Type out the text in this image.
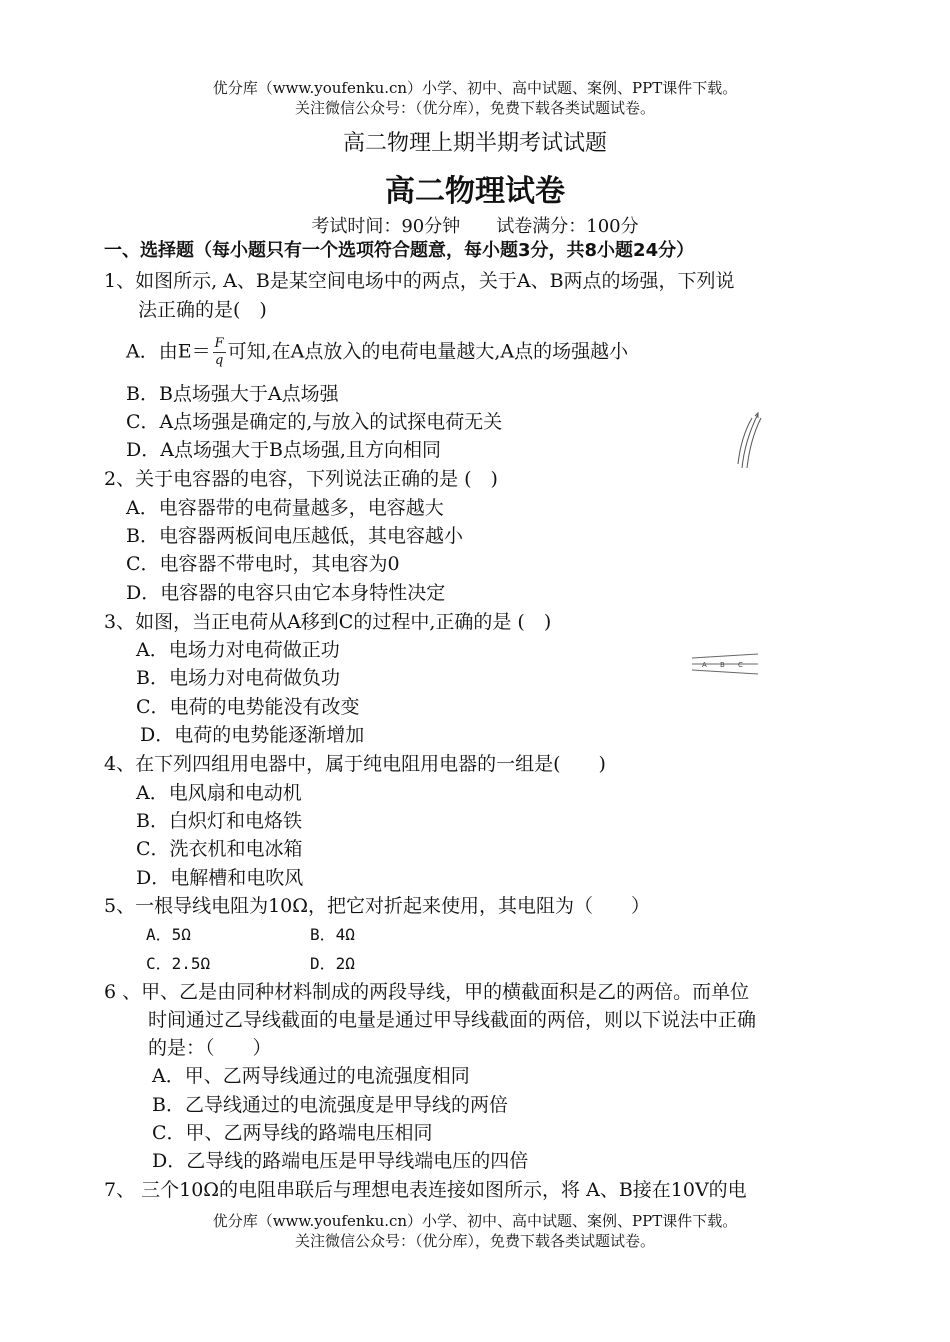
优分库（www.youfenku.cn）小学、初中、高中试题、案例、PPT课件下载。
关注微信公众号：（优分库），免费下载各类试题试卷。
高二物理上期半期考试试题
高二物理试卷
考试时间：90分钟　　试卷满分：100分
一、选择题（每小题只有一个选项符合题意，每小题3分，共8小题24分）
1、如图所示, A、B是某空间电场中的两点，关于A、B两点的场强，下列说
法正确的是(　)
A．由$E= \frac{F}{q}$ 可知,在A点放入的电荷电量越大,A点的场强越小
B．B点场强大于A点场强
C．A点场强是确定的,与放入的试探电荷无关
D．A点场强大于B点场强,且方向相同
2、关于电容器的电容，下列说法正确的是 (　)
A．电容器带的电荷量越多，电容越大
B．电容器两板间电压越低，其电容越小
C．电容器不带电时，其电容为0
D．电容器的电容只由它本身特性决定
3、如图，当正电荷从A移到C的过程中,正确的是 (　)
A．电场力对电荷做正功
B．电场力对电荷做负功
C．电荷的电势能没有改变
D．电荷的电势能逐渐增加
A B C
4、在下列四组用电器中，属于纯电阻用电器的一组是(　　)
A．电风扇和电动机
B．白炽灯和电烙铁
C．洗衣机和电冰箱
D．电解槽和电吹风
5、一根导线电阻为10Ω，把它对折起来使用，其电阻为（　　）
A．5Ω	B．4Ω
C．2.5Ω	D．2Ω
6 、甲、乙是由同种材料制成的两段导线，甲的横截面积是乙的两倍。而单位
时间通过乙导线截面的电量是通过甲导线截面的两倍，则以下说法中正确
的是：（　　）
A．甲、乙两导线通过的电流强度相同
B．乙导线通过的电流强度是甲导线的两倍
C．甲、乙两导线的路端电压相同
D．乙导线的路端电压是甲导线端电压的四倍
7、 三个10Ω的电阻串联后与理想电表连接如图所示，将 A、B接在10V的电
优分库（www.youfenku.cn）小学、初中、高中试题、案例、PPT课件下载。
关注微信公众号：（优分库），免费下载各类试题试卷。
